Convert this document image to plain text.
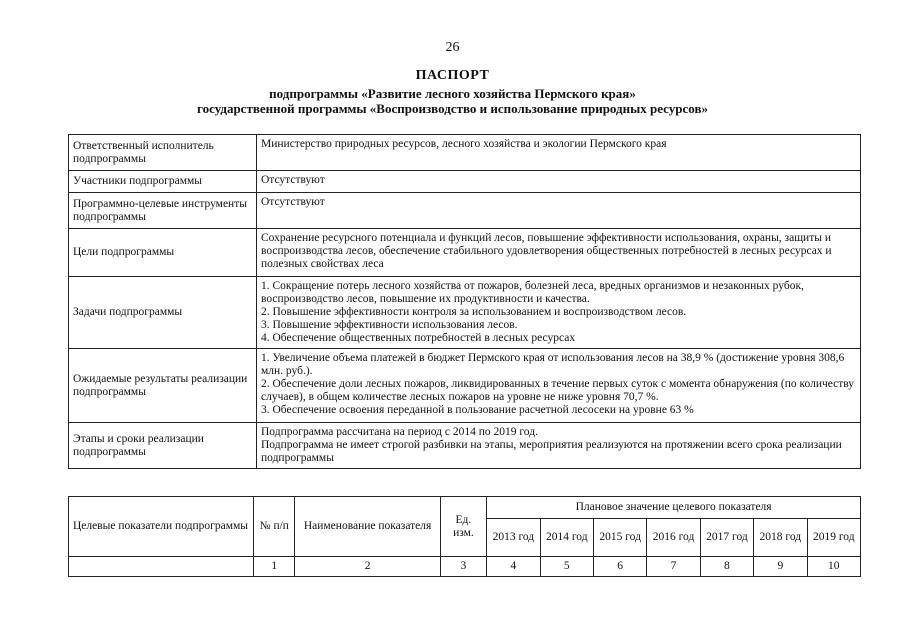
26
ПАСПОРТ
подпрограммы «Развитие лесного хозяйства Пермского края»
государственной программы «Воспроизводство и использование природных ресурсов»
Ответственный исполнитель подпрограммы	Министерство природных ресурсов, лесного хозяйства и экологии Пермского края
Участники подпрограммы	Отсутствуют
Программно-целевые инструменты подпрограммы	Отсутствуют
Цели подпрограммы	Сохранение ресурсного потенциала и функций лесов, повышение эффективности использования, охраны, защиты и воспроизводства лесов, обеспечение стабильного удовлетворения общественных потребностей в лесных ресурсах и полезных свойствах леса
Задачи подпрограммы	1. Сокращение потерь лесного хозяйства от пожаров, болезней леса, вредных организмов и незаконных рубок, воспроизводство лесов, повышение их продуктивности и качества.
2. Повышение эффективности контроля за использованием и воспроизводством лесов.
3. Повышение эффективности использования лесов.
4. Обеспечение общественных потребностей в лесных ресурсах

Ожидаемые результаты реализации подпрограммы	1. Увеличение объема платежей в бюджет Пермского края от использования лесов на 38,9 % (достижение уровня 308,6 млн. руб.).
2. Обеспечение доли лесных пожаров, ликвидированных в течение первых суток с момента обнаружения (по количеству случаев), в общем количестве лесных пожаров на уровне не ниже уровня 70,7 %.
3. Обеспечение освоения переданной в пользование расчетной лесосеки на уровне 63 %

Этапы и сроки реализации подпрограммы	Подпрограмма рассчитана на период с 2014 по 2019 год.
Подпрограмма не имеет строгой разбивки на этапы, мероприятия реализуются на протяжении всего срока реализации подпрограммы
Целевые показатели подпрограммы	№ п/п	Наименование показателя	Ед. изм.	Плановое значение целевого показателя						
				2013 год	2014 год	2015 год	2016 год	2017 год	2018 год	2019 год
	1	2	3	4	5	6	7	8	9	10
